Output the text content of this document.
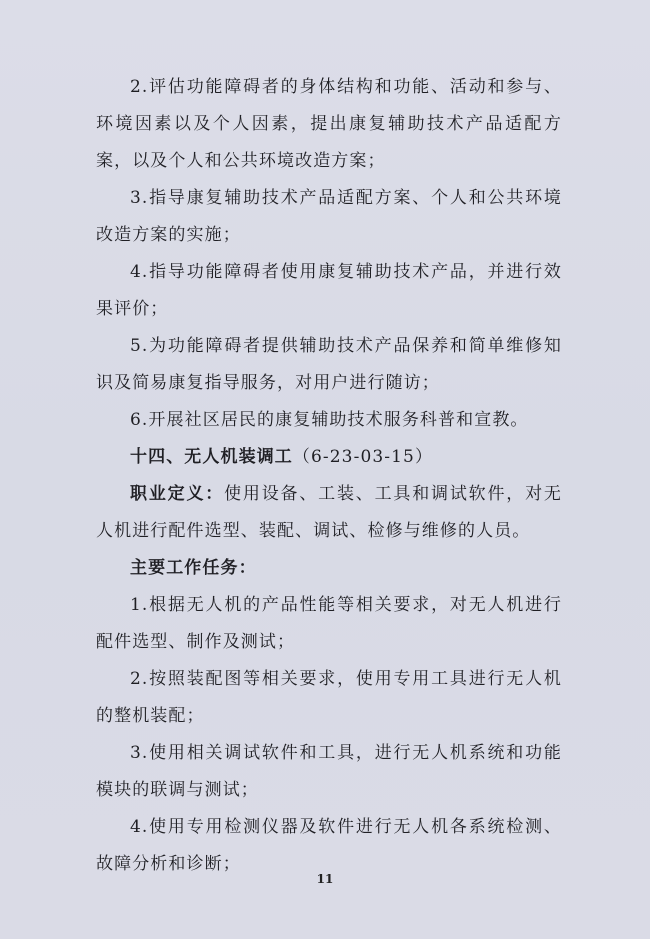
2.评估功能障碍者的身体结构和功能、活动和参与、环境因素以及个人因素，提出康复辅助技术产品适配方案，以及个人和公共环境改造方案；

3.指导康复辅助技术产品适配方案、个人和公共环境改造方案的实施；

4.指导功能障碍者使用康复辅助技术产品，并进行效果评价；

5.为功能障碍者提供辅助技术产品保养和简单维修知识及简易康复指导服务，对用户进行随访；

6.开展社区居民的康复辅助技术服务科普和宣教。

十四、无人机装调工（6-23-03-15）

职业定义：使用设备、工装、工具和调试软件，对无人机进行配件选型、装配、调试、检修与维修的人员。

主要工作任务：

1.根据无人机的产品性能等相关要求，对无人机进行配件选型、制作及测试；

2.按照装配图等相关要求，使用专用工具进行无人机的整机装配；

3.使用相关调试软件和工具，进行无人机系统和功能模块的联调与测试；

4.使用专用检测仪器及软件进行无人机各系统检测、故障分析和诊断；

11
